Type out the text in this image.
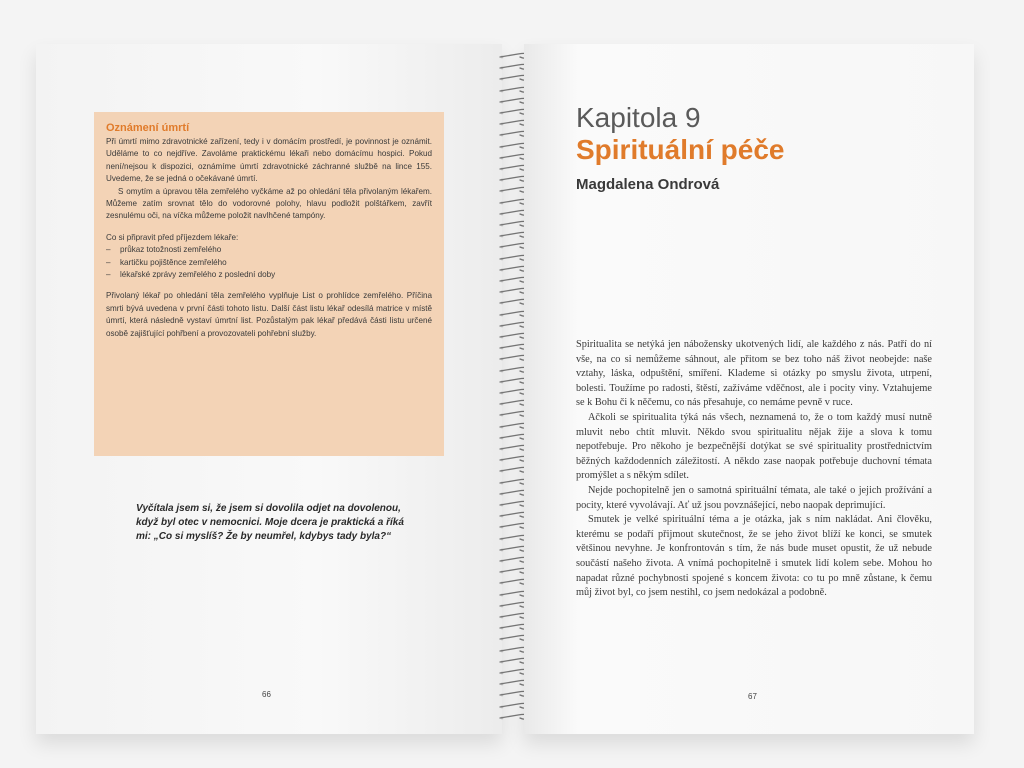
Oznámení úmrtí

Při úmrtí mimo zdravotnické zařízení, tedy i v domácím prostředí, je povinnost je oznámit. Uděláme to co nejdříve. Zavoláme praktickému lékaři nebo domácímu hospici. Pokud není/nejsou k dispozici, oznámíme úmrtí zdravotnické záchranné službě na lince 155. Uvedeme, že se jedná o očekávané úmrtí.

S omytím a úpravou těla zemřelého vyčkáme až po ohledání těla přivolaným lékařem. Můžeme zatím srovnat tělo do vodorovné polohy, hlavu podložit polštářkem, zavřít zesnulému oči, na víčka můžeme položit navlhčené tampóny.

Co si připravit před příjezdem lékaře:

– průkaz totožnosti zemřelého
– kartičku pojištěnce zemřelého
– lékařské zprávy zemřelého z poslední doby

Přivolaný lékař po ohledání těla zemřelého vyplňuje List o prohlídce zemřelého. Příčina smrti bývá uvedena v první části tohoto listu. Další část listu lékař odesílá matrice v místě úmrtí, která následně vystaví úmrtní list. Pozůstalým pak lékař předává části listu určené osobě zajišťující pohřbení a provozovateli pohřební služby.

Vyčítala jsem si, že jsem si dovolila odjet na dovolenou, když byl otec v nemocnici. Moje dcera je praktická a říká mi: „Co si myslíš? Že by neumřel, kdybys tady byla?“
66
Kapitola 9
Spirituální péče
Magdalena Ondrová

Spiritualita se netýká jen nábožensky ukotvených lidí, ale každého z nás. Patří do ní vše, na co si nemůžeme sáhnout, ale přitom se bez toho náš život neobejde: naše vztahy, láska, odpuštění, smíření. Klademe si otázky po smyslu života, utrpení, bolesti. Toužíme po radosti, štěstí, zažíváme vděčnost, ale i pocity viny. Vztahujeme se k Bohu či k něčemu, co nás přesahuje, co nemáme pevně v ruce.

Ačkoli se spiritualita týká nás všech, neznamená to, že o tom každý musí nutně mluvit nebo chtít mluvit. Někdo svou spiritualitu nějak žije a slova k tomu nepotřebuje. Pro někoho je bezpečnější dotýkat se své spirituality prostřednictvím běžných každodenních záležitostí. A někdo zase naopak potřebuje duchovní témata promýšlet a s někým sdílet.

Nejde pochopitelně jen o samotná spirituální témata, ale také o jejich prožívání a pocity, které vyvolávají. Ať už jsou povznášející, nebo naopak deprimující.

Smutek je velké spirituální téma a je otázka, jak s ním nakládat. Ani člověku, kterému se podaří přijmout skutečnost, že se jeho život blíží ke konci, se smutek většinou nevyhne. Je konfrontován s tím, že nás bude muset opustit, že už nebude součástí našeho života. A vnímá pochopitelně i smutek lidí kolem sebe. Mohou ho napadat různé pochybnosti spojené s koncem života: co tu po mně zůstane, k čemu můj život byl, co jsem nestihl, co jsem nedokázal a podobně.

67
